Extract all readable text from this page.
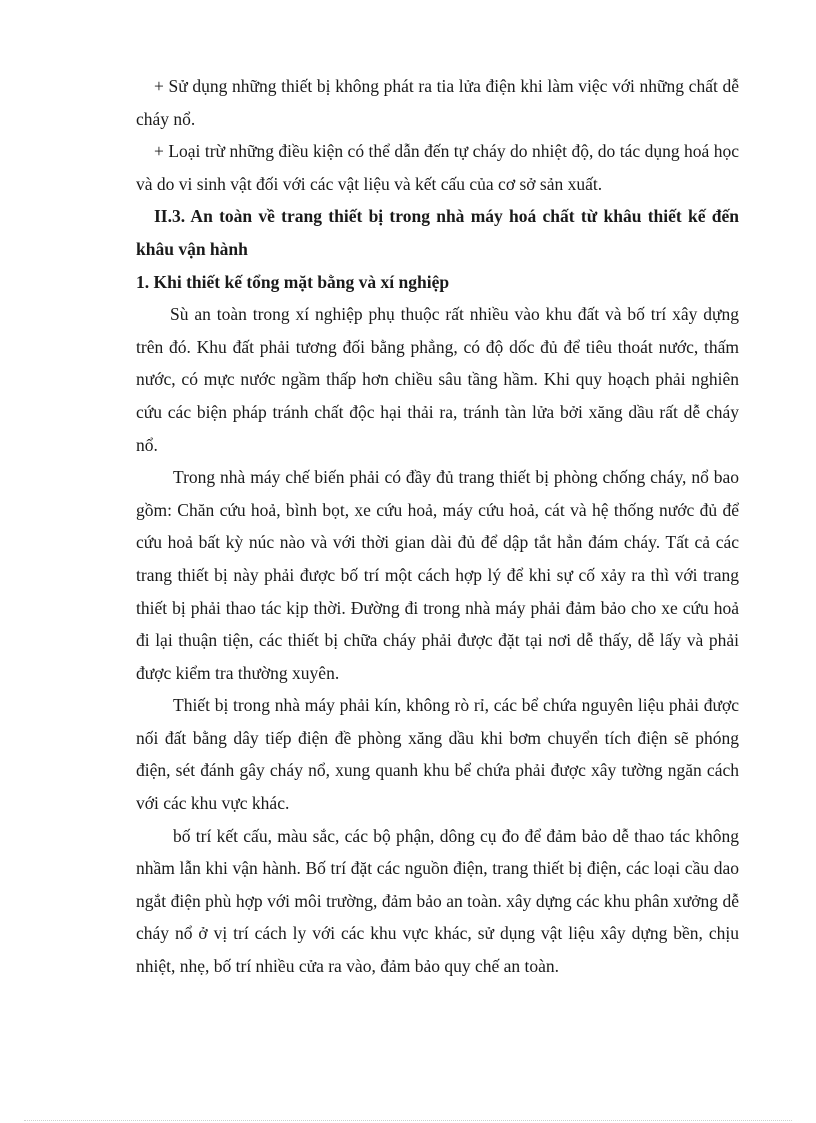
+ Sử dụng những thiết bị không phát ra tia lửa điện khi làm việc với những chất dễ cháy nổ.

+ Loại trừ những điều kiện có thể dẫn đến tự cháy do nhiệt độ, do tác dụng hoá học và do vi sinh vật đối với các vật liệu và kết cấu của cơ sở sản xuất.

II.3. An toàn về trang thiết bị trong nhà máy hoá chất từ khâu thiết kế đến khâu vận hành

1. Khi thiết kế tổng mặt bằng và xí nghiệp

Sù an toàn trong xí nghiệp phụ thuộc rất nhiều vào khu đất và bố trí xây dựng trên đó. Khu đất phải tương đối bằng phẳng, có độ dốc đủ để tiêu thoát nước, thấm nước, có mực nước ngầm thấp hơn chiều sâu tầng hầm. Khi quy hoạch phải nghiên cứu các biện pháp tránh chất độc hại thải ra, tránh tàn lửa bởi xăng dầu rất dễ cháy nổ.

Trong nhà máy chế biến phải có đầy đủ trang thiết bị phòng chống cháy, nổ bao gồm: Chăn cứu hoả, bình bọt, xe cứu hoả, máy cứu hoả, cát và hệ thống nước đủ để cứu hoả bất kỳ núc nào và với thời gian dài đủ để dập tắt hẳn đám cháy. Tất cả các trang thiết bị này phải được bố trí một cách hợp lý để khi sự cố xảy ra thì với trang thiết bị phải thao tác kịp thời. Đường đi trong nhà máy phải đảm bảo cho xe cứu hoả đi lại thuận tiện, các thiết bị chữa cháy phải được đặt tại nơi dễ thấy, dễ lấy và phải được kiểm tra thường xuyên.

Thiết bị trong nhà máy phải kín, không rò rỉ, các bể chứa nguyên liệu phải được nối đất bằng dây tiếp điện đề phòng xăng dầu khi bơm chuyển tích điện sẽ phóng điện, sét đánh gây cháy nổ, xung quanh khu bể chứa phải được xây tường ngăn cách với các khu vực khác.

bố trí kết cấu, màu sắc, các bộ phận, dông cụ đo để đảm bảo dễ thao tác không nhầm lẫn khi vận hành. Bố trí đặt các nguồn điện, trang thiết bị điện, các loại cầu dao ngắt điện phù hợp với môi trường, đảm bảo an toàn. xây dựng các khu phân xưởng dễ cháy nổ ở vị trí cách ly với các khu vực khác, sử dụng vật liệu xây dựng bền, chịu nhiệt, nhẹ, bố trí nhiều cửa ra vào, đảm bảo quy chế an toàn.
